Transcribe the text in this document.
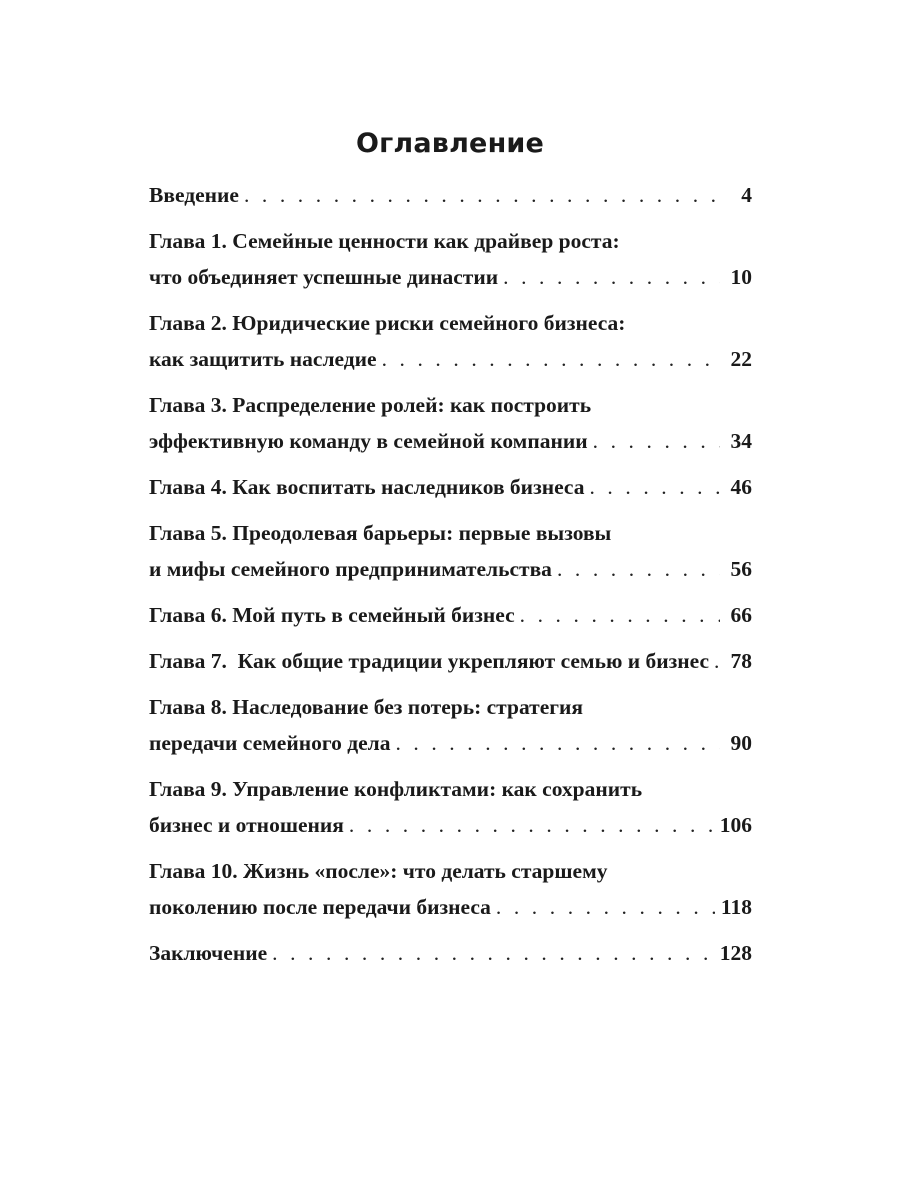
Оглавление
Введение . . .	4
Глава 1. Семейные ценности как драйвер роста:
что объединяет успешные династии . . .	10
Глава 2. Юридические риски семейного бизнеса:
как защитить наследие . . .	22
Глава 3. Распределение ролей: как построить
эффективную команду в семейной компании . . .	34
Глава 4. Как воспитать наследников бизнеса . . .	46
Глава 5. Преодолевая барьеры: первые вызовы
и мифы семейного предпринимательства . . .	56
Глава 6. Мой путь в семейный бизнес . . .	66
Глава 7.  Как общие традиции укрепляют семью и бизнес . . . 78
Глава 8. Наследование без потерь: стратегия
передачи семейного дела . . .	90
Глава 9. Управление конфликтами: как сохранить
бизнес и отношения . . .	106
Глава 10. Жизнь «после»: что делать старшему
поколению после передачи бизнеса . . .	118
Заключение . . .	128
